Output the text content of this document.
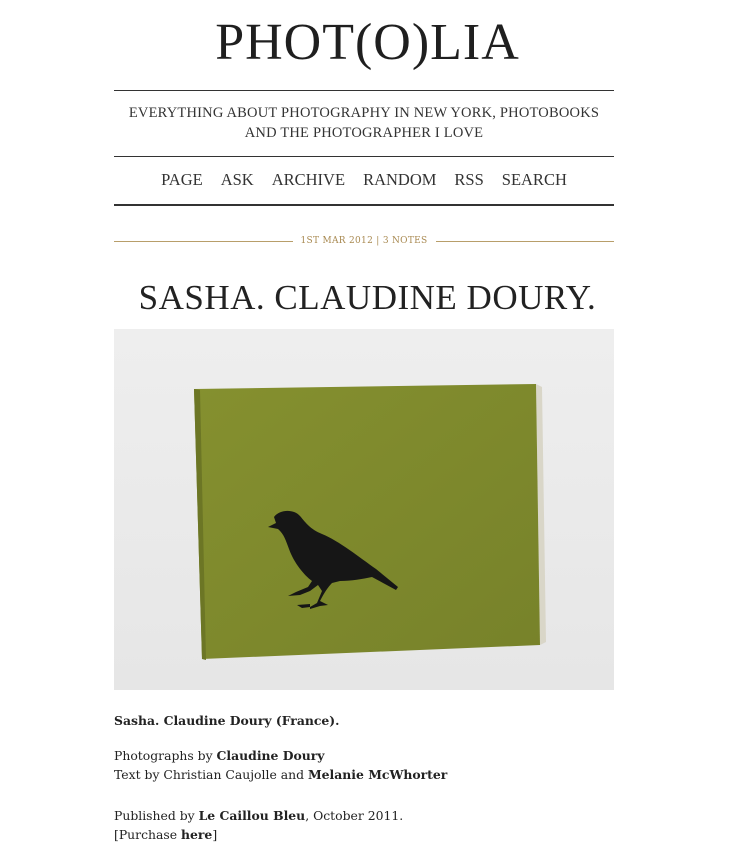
PHOT(O)LIA
EVERYTHING ABOUT PHOTOGRAPHY IN NEW YORK, PHOTOBOOKS
AND THE PHOTOGRAPHER I LOVE
PAGE ASK ARCHIVE RANDOM RSS SEARCH
1ST MAR 2012 | 3 NOTES
SASHA. CLAUDINE DOURY.
Sasha. Claudine Doury (France).
Photographs by Claudine Doury
Text by Christian Caujolle and Melanie McWhorter
Published by Le Caillou Bleu, October 2011.
[Purchase here]
